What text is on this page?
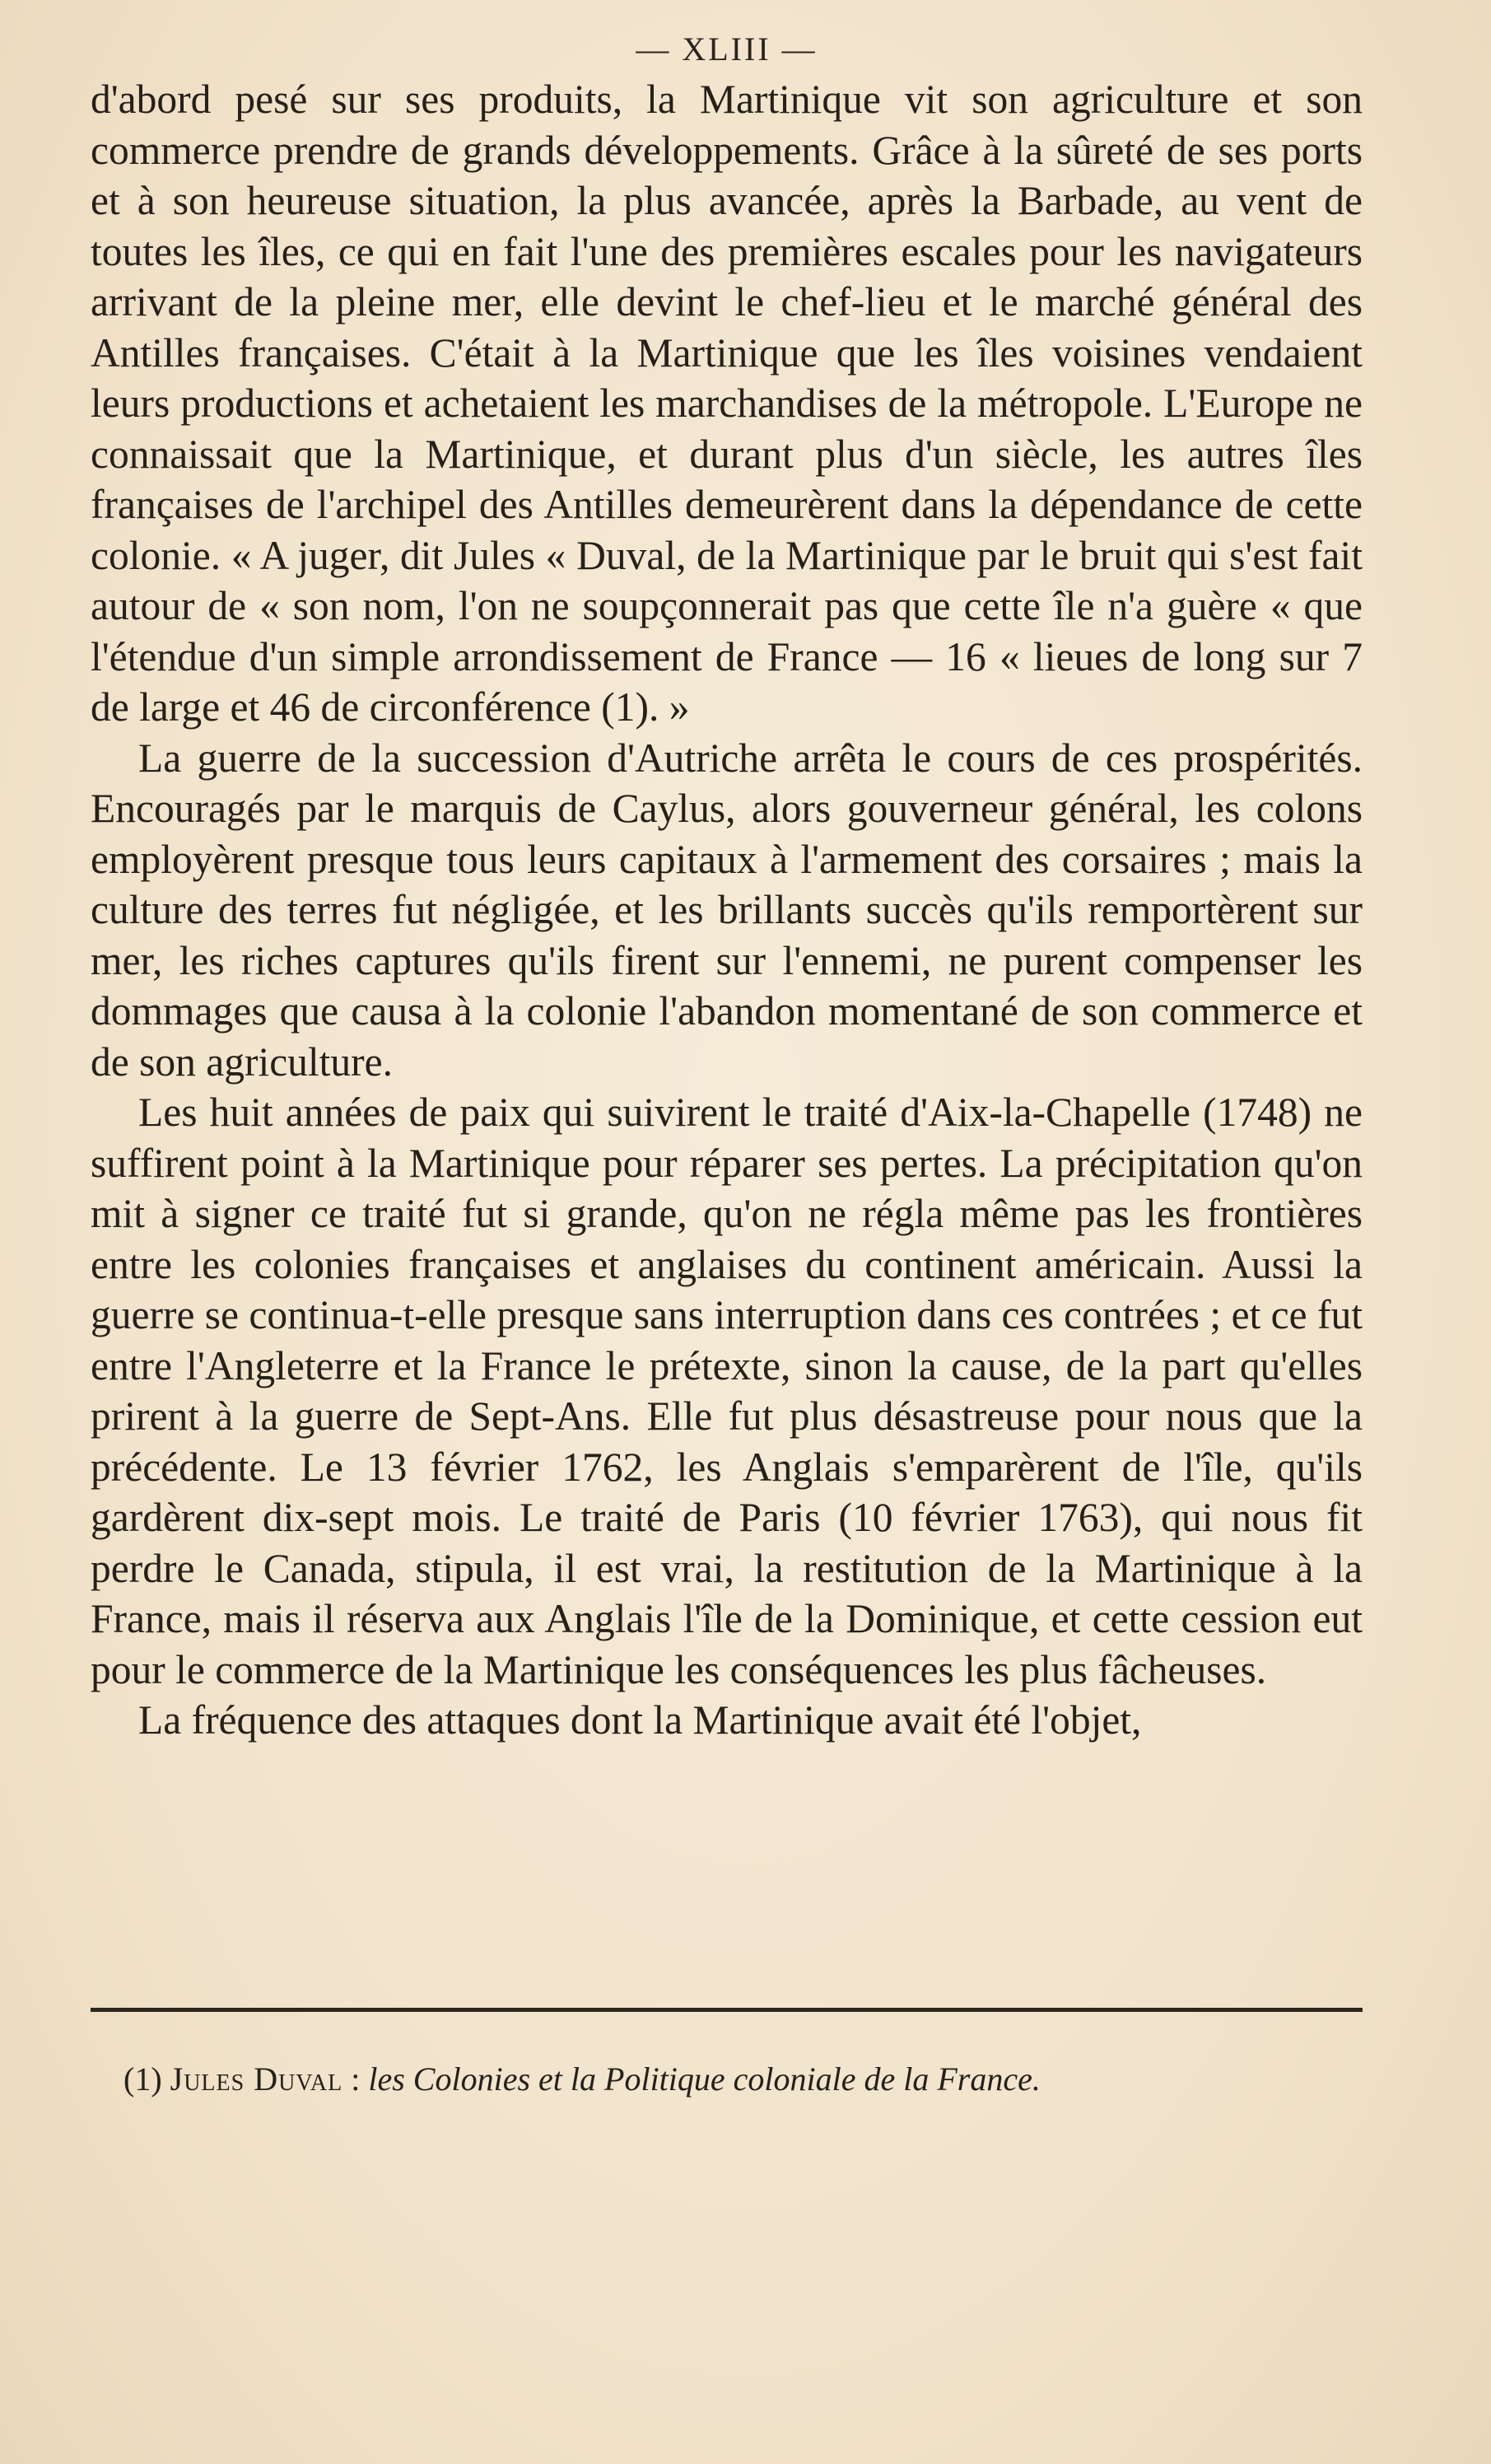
— XLIII —

d'abord pesé sur ses produits, la Martinique vit son agriculture et son commerce prendre de grands développements. Grâce à la sûreté de ses ports et à son heureuse situation, la plus avancée, après la Barbade, au vent de toutes les îles, ce qui en fait l'une des premières escales pour les navigateurs arrivant de la pleine mer, elle devint le chef-lieu et le marché général des Antilles françaises. C'était à la Martinique que les îles voisines vendaient leurs productions et achetaient les marchandises de la métropole. L'Europe ne connaissait que la Martinique, et durant plus d'un siècle, les autres îles françaises de l'archipel des Antilles demeurèrent dans la dépendance de cette colonie. « A juger, dit Jules « Duval, de la Martinique par le bruit qui s'est fait autour de « son nom, l'on ne soupçonnerait pas que cette île n'a guère « que l'étendue d'un simple arrondissement de France — 16 « lieues de long sur 7 de large et 46 de circonférence (1). »

La guerre de la succession d'Autriche arrêta le cours de ces prospérités. Encouragés par le marquis de Caylus, alors gouverneur général, les colons employèrent presque tous leurs capitaux à l'armement des corsaires ; mais la culture des terres fut négligée, et les brillants succès qu'ils remportèrent sur mer, les riches captures qu'ils firent sur l'ennemi, ne purent compenser les dommages que causa à la colonie l'abandon momentané de son commerce et de son agriculture.

Les huit années de paix qui suivirent le traité d'Aix-la-Chapelle (1748) ne suffirent point à la Martinique pour réparer ses pertes. La précipitation qu'on mit à signer ce traité fut si grande, qu'on ne régla même pas les frontières entre les colonies françaises et anglaises du continent américain. Aussi la guerre se continua-t-elle presque sans interruption dans ces contrées ; et ce fut entre l'Angleterre et la France le prétexte, sinon la cause, de la part qu'elles prirent à la guerre de Sept-Ans. Elle fut plus désastreuse pour nous que la précédente. Le 13 février 1762, les Anglais s'emparèrent de l'île, qu'ils gardèrent dix-sept mois. Le traité de Paris (10 février 1763), qui nous fit perdre le Canada, stipula, il est vrai, la restitution de la Martinique à la France, mais il réserva aux Anglais l'île de la Dominique, et cette cession eut pour le commerce de la Martinique les conséquences les plus fâcheuses.

La fréquence des attaques dont la Martinique avait été l'objet,

(1) Jules Duval : les Colonies et la Politique coloniale de la France.
